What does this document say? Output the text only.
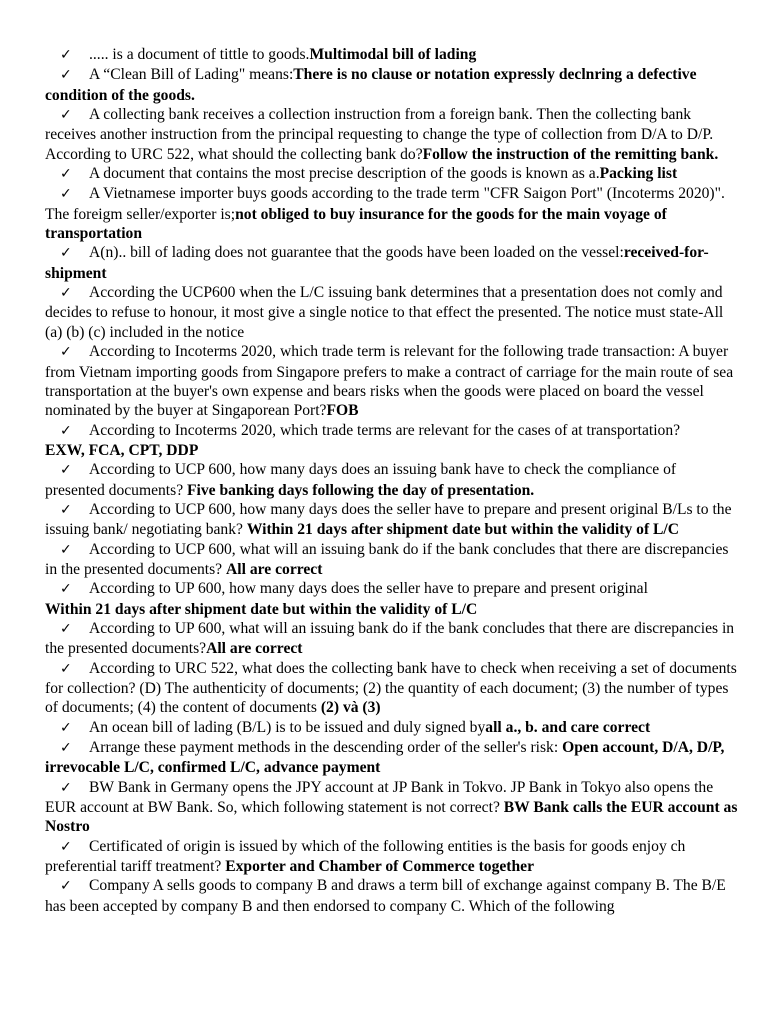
✓ ..... is a document of tittle to goods.Multimodal bill of lading
✓ A “Clean Bill of Lading" means:There is no clause or notation expressly declnring a defective condition of the goods.
✓ A collecting bank receives a collection instruction from a foreign bank. Then the collecting bank receives another instruction from the principal requesting to change the type of collection from D/A to D/P. According to URC 522, what should the collecting bank do?Follow the instruction of the remitting bank.
✓ A document that contains the most precise description of the goods is known as a.Packing list
✓ A Vietnamese importer buys goods according to the trade term "CFR Saigon Port" (Incoterms 2020)". The foreigm seller/exporter is;not obliged to buy insurance for the goods for the main voyage of transportation
✓ A(n).. bill of lading does not guarantee that the goods have been loaded on the vessel:received-for-shipment
✓ According the UCP600 when the L/C issuing bank determines that a presentation does not comly and decides to refuse to honour, it most give a single notice to that effect the presented. The notice must state-All (a) (b) (c) included in the notice
✓ According to Incoterms 2020, which trade term is relevant for the following trade transaction: A buyer from Vietnam importing goods from Singapore prefers to make a contract of carriage for the main route of sea transportation at the buyer's own expense and bears risks when the goods were placed on board the vessel nominated by the buyer at Singaporean Port?FOB
✓ According to Incoterms 2020, which trade terms are relevant for the cases of at transportation?
EXW, FCA, CPT, DDP
✓ According to UCP 600, how many days does an issuing bank have to check the compliance of presented documents? Five banking days following the day of presentation.
✓ According to UCP 600, how many days does the seller have to prepare and present original B/Ls to the issuing bank/ negotiating bank? Within 21 days after shipment date but within the validity of L/C
✓ According to UCP 600, what will an issuing bank do if the bank concludes that there are discrepancies in the presented documents? All are correct
✓ According to UP 600, how many days does the seller have to prepare and present original
Within 21 days after shipment date but within the validity of L/C
✓ According to UP 600, what will an issuing bank do if the bank concludes that there are discrepancies in the presented documents?All are correct
✓ According to URC 522, what does the collecting bank have to check when receiving a set of documents for collection? (D) The authenticity of documents; (2) the quantity of each document; (3) the number of types of documents; (4) the content of documents (2) và (3)
✓ An ocean bill of lading (B/L) is to be issued and duly signed byall a., b. and care correct
✓ Arrange these payment methods in the descending order of the seller's risk: Open account, D/A, D/P, irrevocable L/C, confirmed L/C, advance payment
✓ BW Bank in Germany opens the JPY account at JP Bank in Tokvo. JP Bank in Tokyo also opens the EUR account at BW Bank. So, which following statement is not correct? BW Bank calls the EUR account as Nostro
✓ Certificated of origin is issued by which of the following entities is the basis for goods enjoy ch preferential tariff treatment? Exporter and Chamber of Commerce together
✓ Company A sells goods to company B and draws a term bill of exchange against company B. The B/E has been accepted by company B and then endorsed to company C. Which of the following
